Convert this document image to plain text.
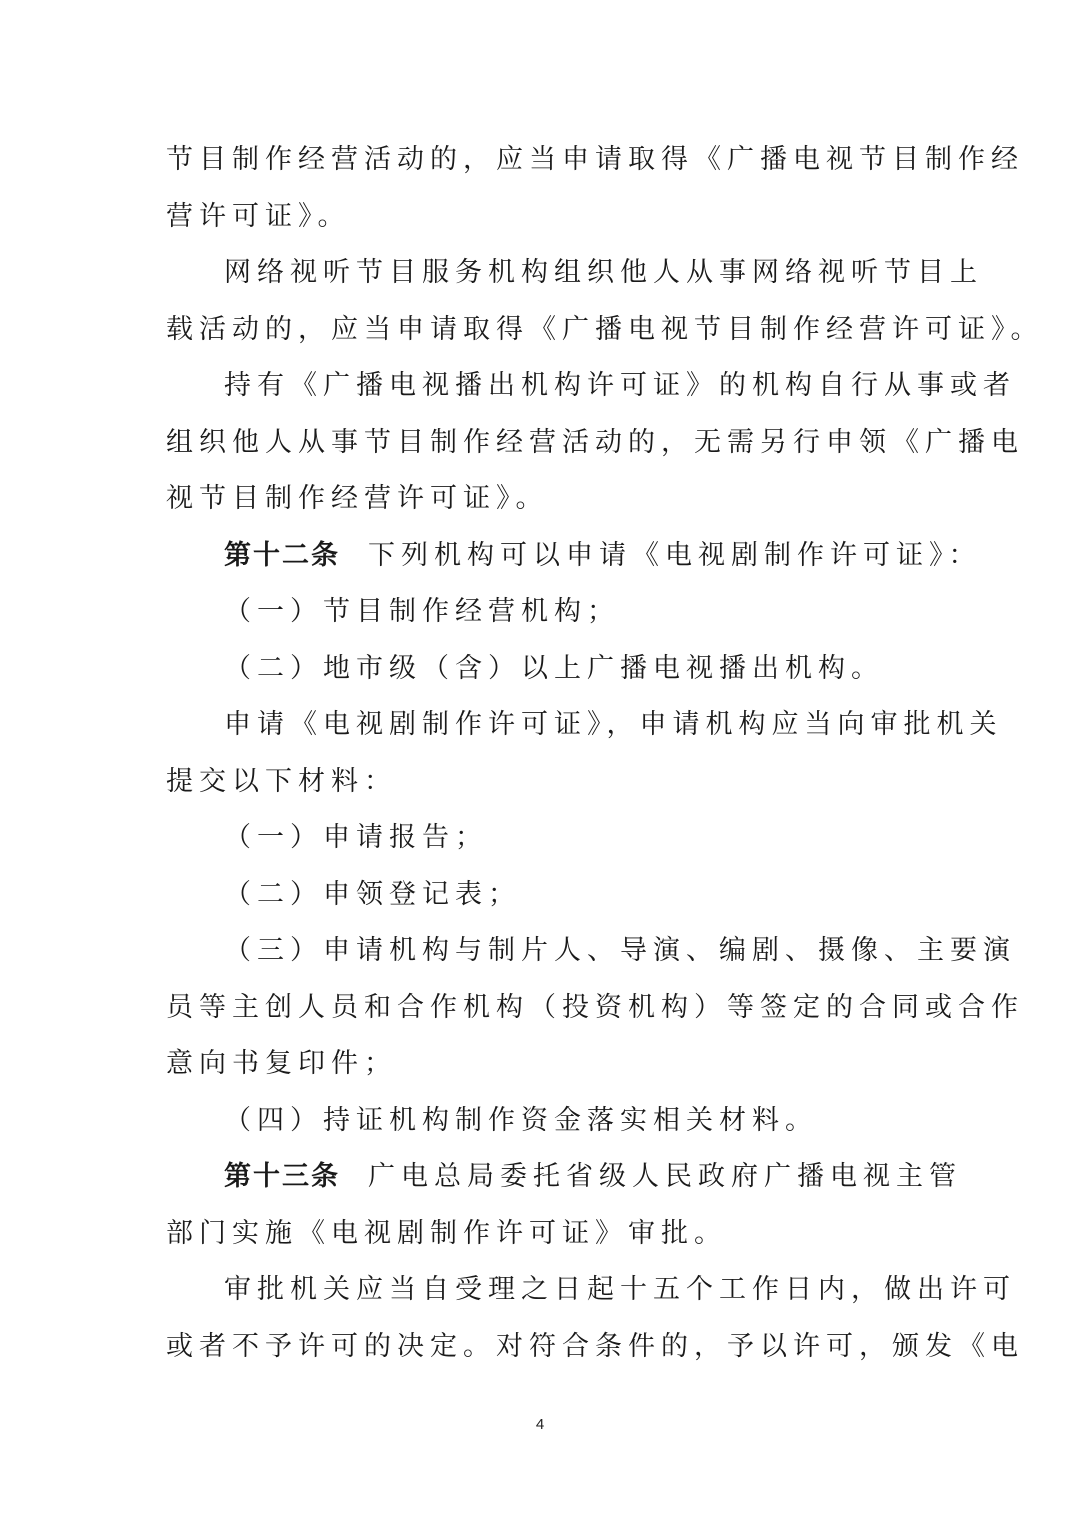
节目制作经营活动的，应当申请取得《广播电视节目制作经
营许可证》。
网络视听节目服务机构组织他人从事网络视听节目上
载活动的，应当申请取得《广播电视节目制作经营许可证》。
持有《广播电视播出机构许可证》的机构自行从事或者
组织他人从事节目制作经营活动的，无需另行申领《广播电
视节目制作经营许可证》。
第十二条 下列机构可以申请《电视剧制作许可证》：
（一）节目制作经营机构；
（二）地市级（含）以上广播电视播出机构。
申请《电视剧制作许可证》，申请机构应当向审批机关
提交以下材料：
（一）申请报告；
（二）申领登记表；
（三）申请机构与制片人、导演、编剧、摄像、主要演
员等主创人员和合作机构（投资机构）等签定的合同或合作
意向书复印件；
（四）持证机构制作资金落实相关材料。
第十三条 广电总局委托省级人民政府广播电视主管
部门实施《电视剧制作许可证》审批。
审批机关应当自受理之日起十五个工作日内，做出许可
或者不予许可的决定。对符合条件的，予以许可，颁发《电
4
